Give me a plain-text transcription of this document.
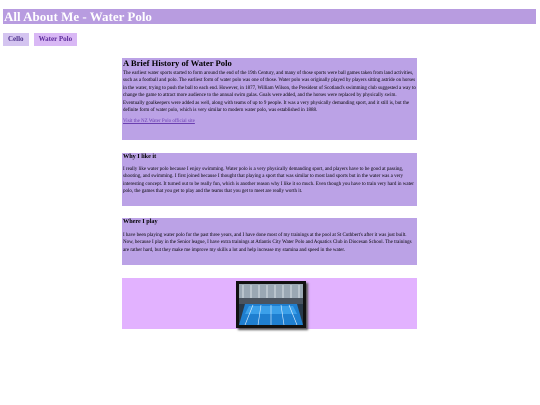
All About Me - Water Polo
Cello	Water Polo

A Brief History of Water Polo

The earliest water sports started to form around the end of the 19th Century, and many of those sports were ball games taken from land activities, such as a football and polo. The earliest form of water polo was one of those. Water polo was originally played by players sitting astride on horses in the water, trying to push the ball to each end. However, in 1877, William Wilson, the President of Scotland's swimming club suggested a way to change the game to attract more audience to the annual swim galas. Goals were added, and the horses were replaced by physically swim. Eventually goalkeepers were added as well, along with teams of up to 9 people. It was a very physically demanding sport, and it still is, but the definite form of water polo, which is very similar to modern water polo, was established in 1888.

Visit the NZ Water Polo official site

Why I like it

I really like water polo because I enjoy swimming. Water polo is a very physically demanding sport, and players have to be good at passing, shooting, and swimming. I first joined because I thought that playing a sport that was similar to most land sports but in the water was a very interesting concept. It turned out to be really fun, which is another reason why I like it so much. Even though you have to train very hard in water polo, the games that you get to play and the teams that you get to meet are really worth it.

Where I play

I have been playing water polo for the past three years, and I have done most of my trainings at the pool at St Cuthbert's after it was just built. Now, because I play in the Senior league, I have extra trainings at Atlantis City Water Polo and Aquatics Club in Diocesan School. The trainings are rather hard, but they make me improve my skills a lot and help increase my stamina and speed in the water.
